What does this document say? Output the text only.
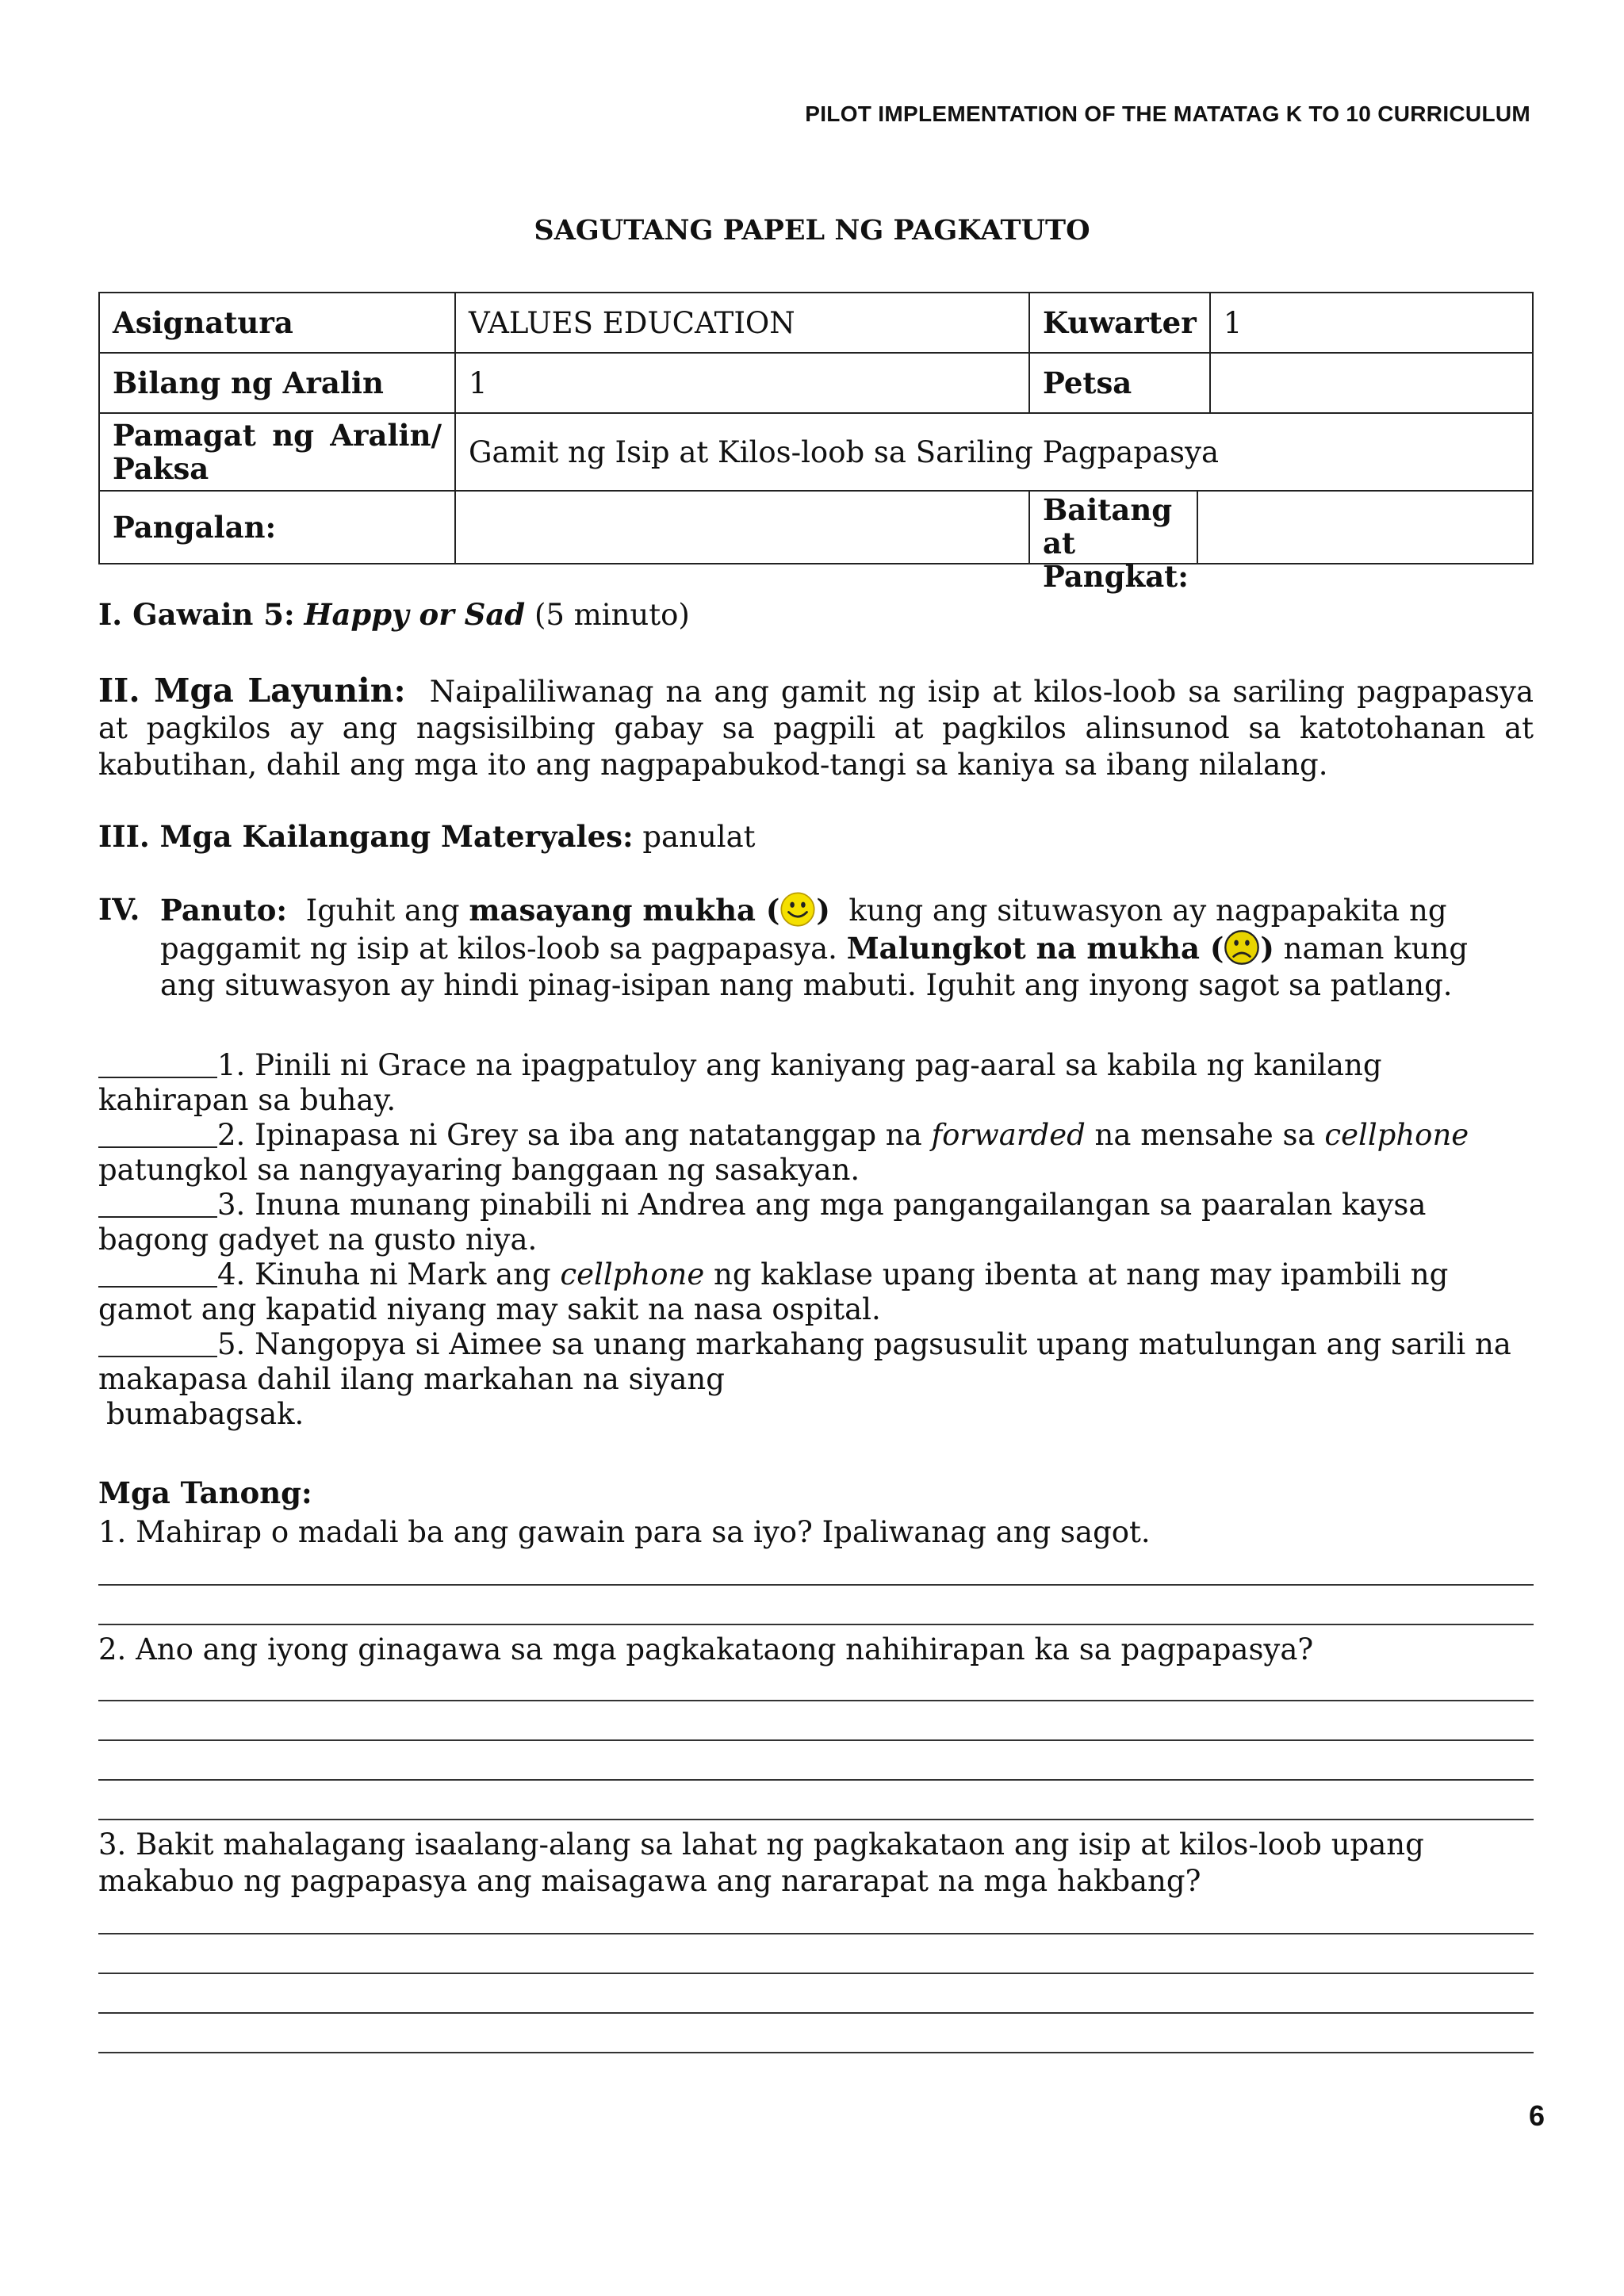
PILOT IMPLEMENTATION OF THE MATATAG K TO 10 CURRICULUM
SAGUTANG PAPEL NG PAGKATUTO
Asignatura	VALUES EDUCATION	Kuwarter	1
Bilang ng Aralin	1	Petsa	

Pamagat ng Aralin/
Paksa	Gamit ng Isip at Kilos-loob sa Sariling Pagpapasya		
Pangalan:		Baitang at
Pangkat:	
I. Gawain 5: Happy or Sad (5 minuto)
II. Mga Layunin: Naipaliliwanag na ang gamit ng isip at kilos-loob sa sariling pagpapasya at pagkilos ay ang nagsisilbing gabay sa pagpili at pagkilos alinsunod sa katotohanan at kabutihan, dahil ang mga ito ang nagpapabukod-tangi sa kaniya sa ibang nilalang.
III. Mga Kailangang Materyales: panulat
IV. Panuto: Iguhit ang masayang mukha ( ) kung ang situwasyon ay nagpapakita ng paggamit ng isip at kilos-loob sa pagpapasya. Malungkot na mukha ( ) naman kung ang situwasyon ay hindi pinag-isipan nang mabuti. Iguhit ang inyong sagot sa patlang.

1. Pinili ni Grace na ipagpatuloy ang kaniyang pag-aaral sa kabila ng kanilang kahirapan sa buhay.

2. Ipinapasa ni Grey sa iba ang natatanggap na forwarded na mensahe sa cellphone patungkol sa nangyayaring banggaan ng sasakyan.

3. Inuna munang pinabili ni Andrea ang mga pangangailangan sa paaralan kaysa bagong gadyet na gusto niya.

4. Kinuha ni Mark ang cellphone ng kaklase upang ibenta at nang may ipambili ng gamot ang kapatid niyang may sakit na nasa ospital.

5. Nangopya si Aimee sa unang markahang pagsusulit upang matulungan ang sarili na makapasa dahil ilang markahan na siyang
bumabagsak.

Mga Tanong:
1. Mahirap o madali ba ang gawain para sa iyo? Ipaliwanag ang sagot.
2. Ano ang iyong ginagawa sa mga pagkakataong nahihirapan ka sa pagpapasya?
3. Bakit mahalagang isaalang-alang sa lahat ng pagkakataon ang isip at kilos-loob upang makabuo ng pagpapasya ang maisagawa ang nararapat na mga hakbang?
6
